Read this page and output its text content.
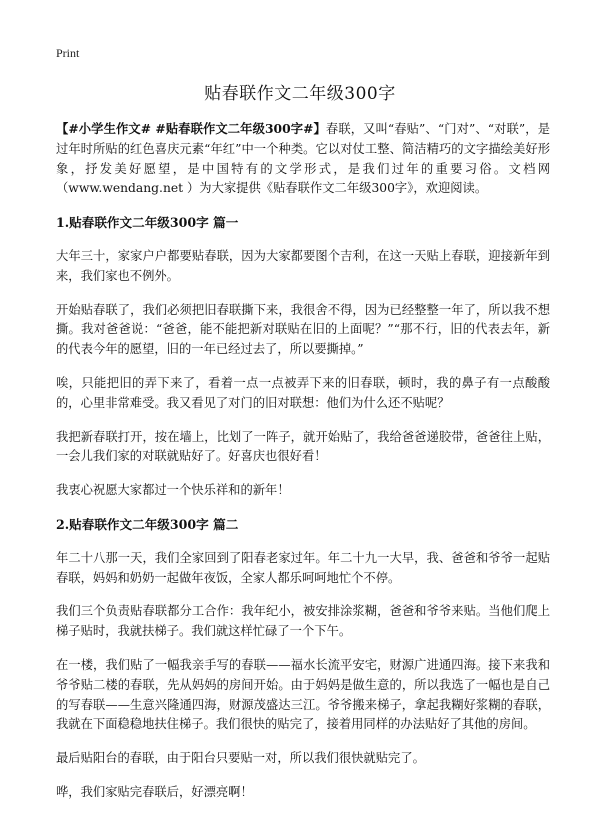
Print
贴春联作文二年级300字

【#小学生作文# #贴春联作文二年级300字#】春联，又叫“春贴”、“门对”、“对联”，是过年时所贴的红色喜庆元素“年红”中一个种类。它以对仗工整、简洁精巧的文字描绘美好形象，抒发美好愿望，是中国特有的文学形式，是我们过年的重要习俗。文档网（www.wendang.net ）为大家提供《贴春联作文二年级300字》，欢迎阅读。

1.贴春联作文二年级300字 篇一

大年三十，家家户户都要贴春联，因为大家都要图个吉利，在这一天贴上春联，迎接新年到来，我们家也不例外。

开始贴春联了，我们必须把旧春联撕下来，我很舍不得，因为已经整整一年了，所以我不想撕。我对爸爸说：“爸爸，能不能把新对联贴在旧的上面呢？”“那不行，旧的代表去年，新的代表今年的愿望，旧的一年已经过去了，所以要撕掉。”

唉，只能把旧的弄下来了，看着一点一点被弄下来的旧春联，顿时，我的鼻子有一点酸酸的，心里非常难受。我又看见了对门的旧对联想：他们为什么还不贴呢？

我把新春联打开，按在墙上，比划了一阵子，就开始贴了，我给爸爸递胶带，爸爸往上贴，一会儿我们家的对联就贴好了。好喜庆也很好看！

我衷心祝愿大家都过一个快乐祥和的新年！

2.贴春联作文二年级300字 篇二

年二十八那一天，我们全家回到了阳春老家过年。年二十九一大早，我、爸爸和爷爷一起贴春联，妈妈和奶奶一起做年夜饭，全家人都乐呵呵地忙个不停。

我们三个负责贴春联都分工合作：我年纪小，被安排涂浆糊，爸爸和爷爷来贴。当他们爬上梯子贴时，我就扶梯子。我们就这样忙碌了一个下午。

在一楼，我们贴了一幅我亲手写的春联——福水长流平安宅，财源广进通四海。接下来我和爷爷贴二楼的春联，先从妈妈的房间开始。由于妈妈是做生意的，所以我选了一幅也是自己的写春联——生意兴隆通四海，财源茂盛达三江。爷爷搬来梯子，拿起我糊好浆糊的春联，我就在下面稳稳地扶住梯子。我们很快的贴完了，接着用同样的办法贴好了其他的房间。

最后贴阳台的春联，由于阳台只要贴一对，所以我们很快就贴完了。

哗，我们家贴完春联后，好漂亮啊！
